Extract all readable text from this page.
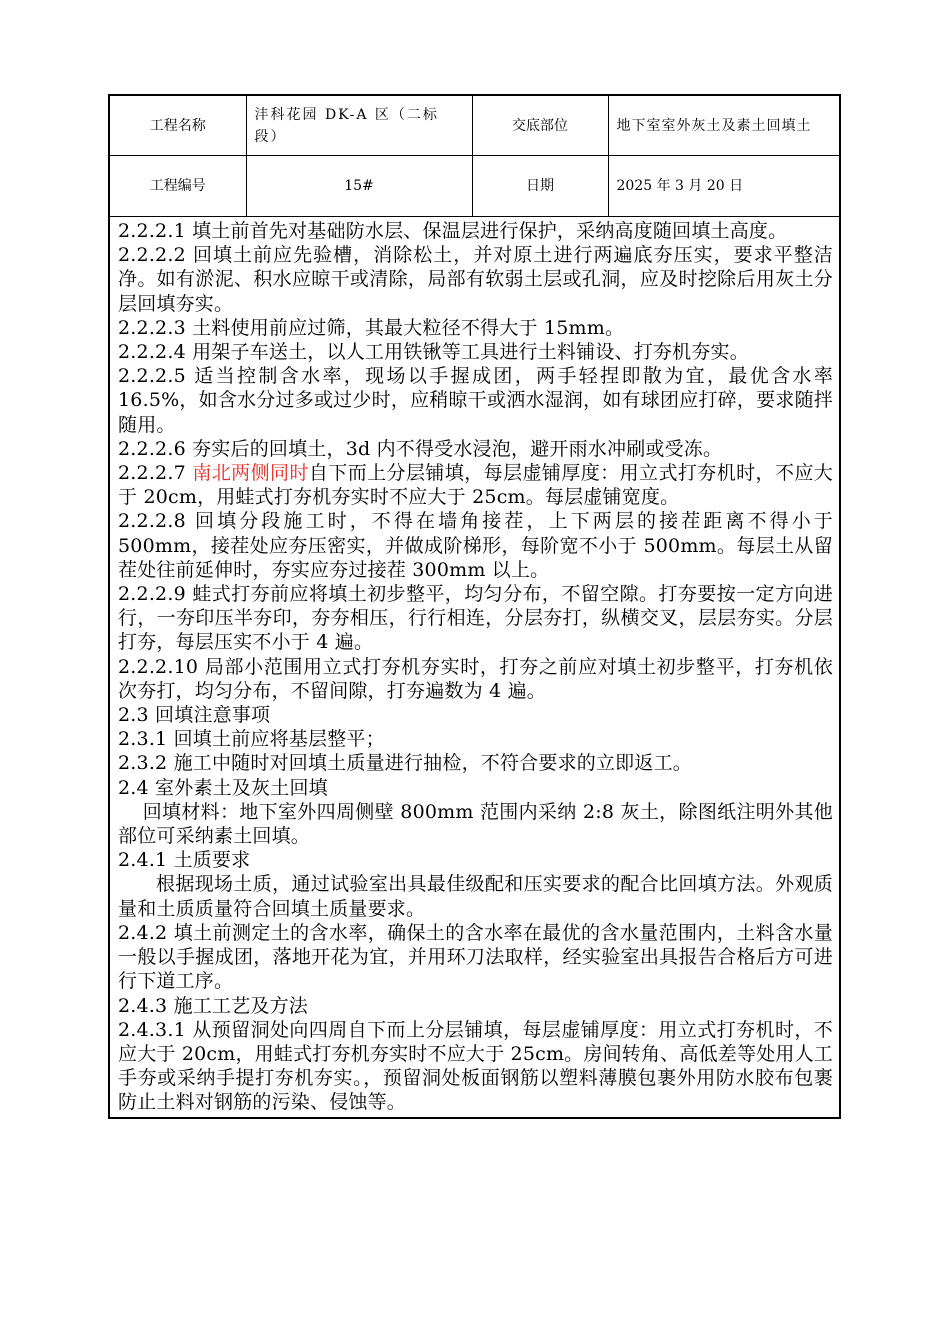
工程名称	沣科花园 DK-A 区（二标段）	交底部位	地下室室外灰土及素土回填土
工程编号	15#	日期	2025 年 3 月 20 日

2.2.2.1 填土前首先对基础防水层、保温层进行保护，采纳高度随回填土高度。

2.2.2.2 回填土前应先验槽，消除松土，并对原土进行两遍底夯压实，要求平整洁净。如有淤泥、积水应晾干或清除，局部有软弱土层或孔洞，应及时挖除后用灰土分层回填夯实。

2.2.2.3 土料使用前应过筛，其最大粒径不得大于 15mm。

2.2.2.4 用架子车送土，以人工用铁锹等工具进行土料铺设、打夯机夯实。

2.2.2.5 适当控制含水率，现场以手握成团，两手轻捏即散为宜，最优含水率 16.5%，如含水分过多或过少时，应稍晾干或洒水湿润，如有球团应打碎，要求随拌随用。

2.2.2.6 夯实后的回填土，3d 内不得受水浸泡，避开雨水冲刷或受冻。

2.2.2.7 南北两侧同时自下而上分层铺填，每层虚铺厚度：用立式打夯机时，不应大于 20cm，用蛙式打夯机夯实时不应大于 25cm。每层虚铺宽度。

2.2.2.8 回填分段施工时，不得在墙角接茬，上下两层的接茬距离不得小于 500mm，接茬处应夯压密实，并做成阶梯形，每阶宽不小于 500mm。每层土从留茬处往前延伸时，夯实应夯过接茬 300mm 以上。

2.2.2.9 蛙式打夯前应将填土初步整平，均匀分布，不留空隙。打夯要按一定方向进行，一夯印压半夯印，夯夯相压，行行相连，分层夯打，纵横交叉，层层夯实。分层打夯，每层压实不小于 4 遍。

2.2.2.10 局部小范围用立式打夯机夯实时，打夯之前应对填土初步整平，打夯机依次夯打，均匀分布，不留间隙，打夯遍数为 4 遍。

2.3 回填注意事项

2.3.1 回填土前应将基层整平；

2.3.2 施工中随时对回填土质量进行抽检，不符合要求的立即返工。

2.4 室外素土及灰土回填

回填材料：地下室外四周侧壁 800mm 范围内采纳 2:8 灰土，除图纸注明外其他部位可采纳素土回填。

2.4.1 土质要求

根据现场土质，通过试验室出具最佳级配和压实要求的配合比回填方法。外观质量和土质质量符合回填土质量要求。

2.4.2 填土前测定土的含水率，确保土的含水率在最优的含水量范围内，土料含水量一般以手握成团，落地开花为宜，并用环刀法取样，经实验室出具报告合格后方可进行下道工序。

2.4.3 施工工艺及方法

2.4.3.1 从预留洞处向四周自下而上分层铺填，每层虚铺厚度：用立式打夯机时，不应大于 20cm，用蛙式打夯机夯实时不应大于 25cm。房间转角、高低差等处用人工手夯或采纳手提打夯机夯实。，预留洞处板面钢筋以塑料薄膜包裹外用防水胶布包裹防止土料对钢筋的污染、侵蚀等。
